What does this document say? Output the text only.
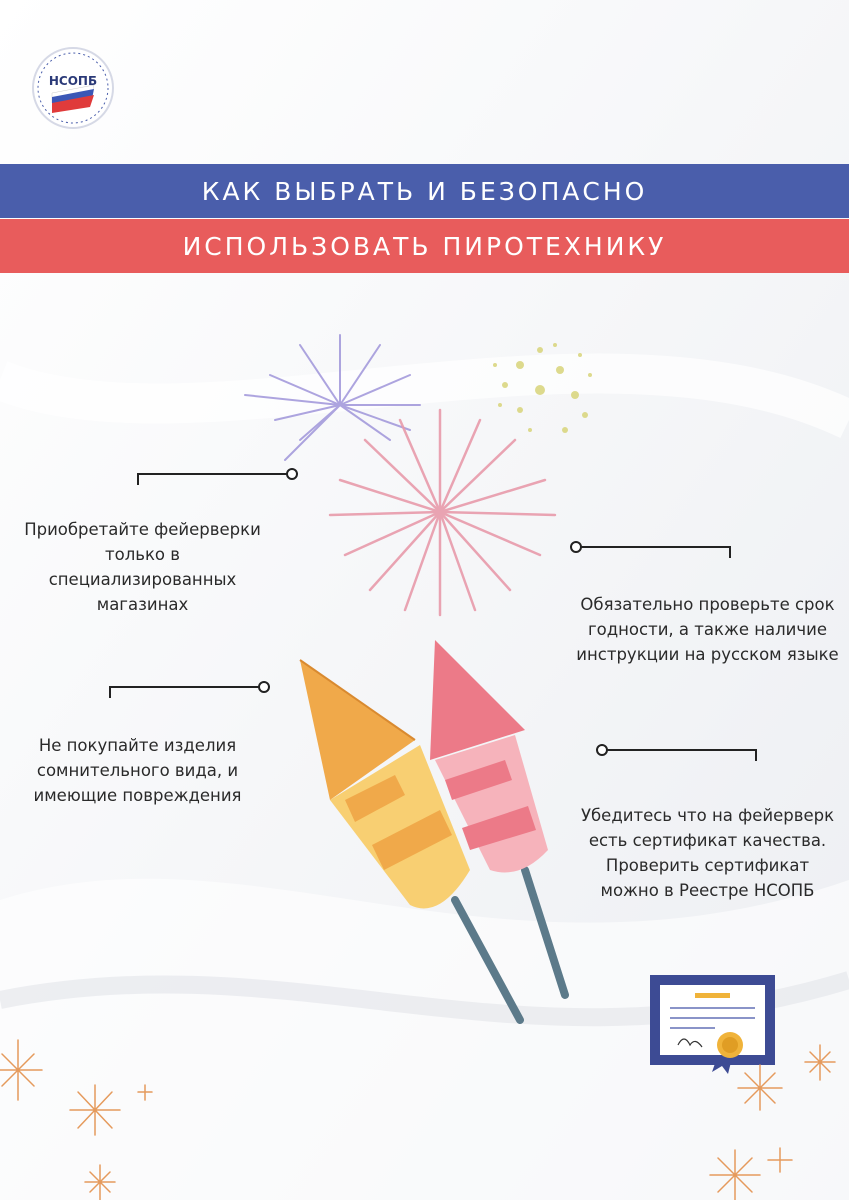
НСОПБ
КАК ВЫБРАТЬ И БЕЗОПАСНО
ИСПОЛЬЗОВАТЬ ПИРОТЕХНИКУ
Приобретайте фейерверки только в специализированных магазинах	Обязательно проверьте срок годности, а также наличие инструкции на русском языке
Не покупайте изделия сомнительного вида, и имеющие повреждения
Убедитесь что на фейерверк есть сертификат качества. Проверить сертификат можно в Реестре НСОПБ
